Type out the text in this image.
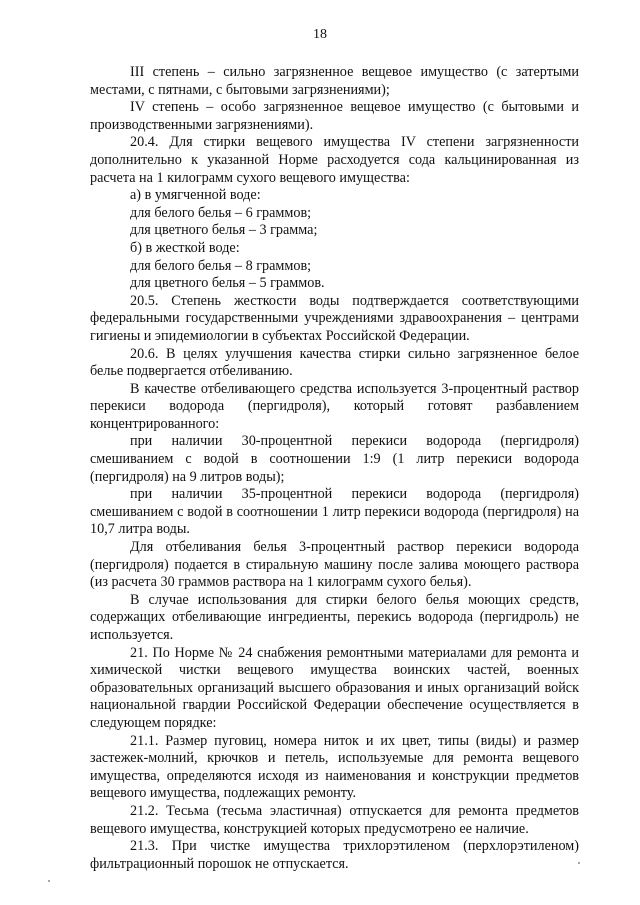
18

III степень – сильно загрязненное вещевое имущество (с затертыми местами, с пятнами, с бытовыми загрязнениями);

IV степень – особо загрязненное вещевое имущество (с бытовыми и производственными загрязнениями).

20.4. Для стирки вещевого имущества IV степени загрязненности дополнительно к указанной Норме расходуется сода кальцинированная из расчета на 1 килограмм сухого вещевого имущества:

а) в умягченной воде:

для белого белья – 6 граммов;

для цветного белья – 3 грамма;

б) в жесткой воде:

для белого белья – 8 граммов;

для цветного белья – 5 граммов.

20.5. Степень жесткости воды подтверждается соответствующими федеральными государственными учреждениями здравоохранения – центрами гигиены и эпидемиологии в субъектах Российской Федерации.

20.6. В целях улучшения качества стирки сильно загрязненное белое белье подвергается отбеливанию.

В качестве отбеливающего средства используется 3-процентный раствор перекиси водорода (пергидроля), который готовят разбавлением концентрированного:

при наличии 30-процентной перекиси водорода (пергидроля) смешиванием с водой в соотношении 1:9 (1 литр перекиси водорода (пергидроля) на 9 литров воды);

при наличии 35-процентной перекиси водорода (пергидроля) смешиванием с водой в соотношении 1 литр перекиси водорода (пергидроля) на 10,7 литра воды.

Для отбеливания белья 3-процентный раствор перекиси водорода (пергидроля) подается в стиральную машину после залива моющего раствора (из расчета 30 граммов раствора на 1 килограмм сухого белья).

В случае использования для стирки белого белья моющих средств, содержащих отбеливающие ингредиенты, перекись водорода (пергидроль) не используется.

21. По Норме № 24 снабжения ремонтными материалами для ремонта и химической чистки вещевого имущества воинских частей, военных образовательных организаций высшего образования и иных организаций войск национальной гвардии Российской Федерации обеспечение осуществляется в следующем порядке:

21.1. Размер пуговиц, номера ниток и их цвет, типы (виды) и размер застежек-молний, крючков и петель, используемые для ремонта вещевого имущества, определяются исходя из наименования и конструкции предметов вещевого имущества, подлежащих ремонту.

21.2. Тесьма (тесьма эластичная) отпускается для ремонта предметов вещевого имущества, конструкцией которых предусмотрено ее наличие.

21.3. При чистке имущества трихлорэтиленом (перхлорэтиленом) фильтрационный порошок не отпускается.
